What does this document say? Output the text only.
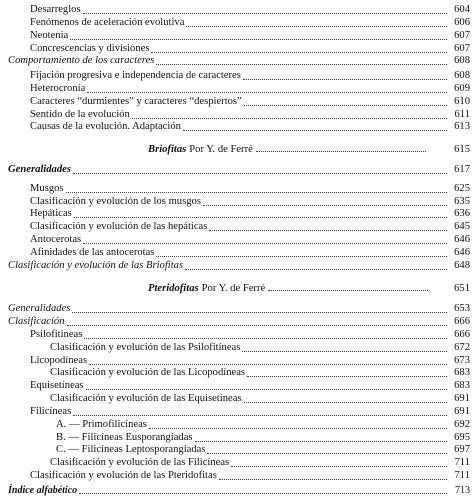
Desarreglos	604
Fenómenos de aceleración evolutiva	606
Neotenia	607
Concrescencias y divisiones	607
Comportamiento de los caracteres	608
Fijación progresiva e independencia de caracteres	608
Heterocronía	609
Caracteres “durmientes” y caracteres “despiertos”	610
Sentido de la evolución	611
Causas de la evolución. Adaptación	613
Briofitas Por Y. de Ferré	615
Generalidades	617
Musgos	625
Clasificación y evolución de los musgos	635
Hepáticas	636
Clasificación y evolución de las hepáticas	645
Antocerotas	646
Afinidades de las antocerotas	646
Clasificación y evolución de las Briofitas	648
Pteridofitas Por Y. de Ferré	651
Generalidades	653
Clasificación	666
Psilofitíneas	666
Clasificación y evolución de las Psilofitíneas	672
Licopodíneas	673
Clasificación y evolución de las Licopodíneas	683
Equisetíneas	683
Clasificación y evolución de las Equisetíneas	691
Filicíneas	691
A. — Primofilicíneas	692
B. — Filicíneas Eusporangiadas	695
C. — Filicíneas Leptosporangiadas	697
Clasificación y evolución de las Filicíneas	711
Clasificación y evolución de las Pteridofitas	711
Índice alfabético	713
